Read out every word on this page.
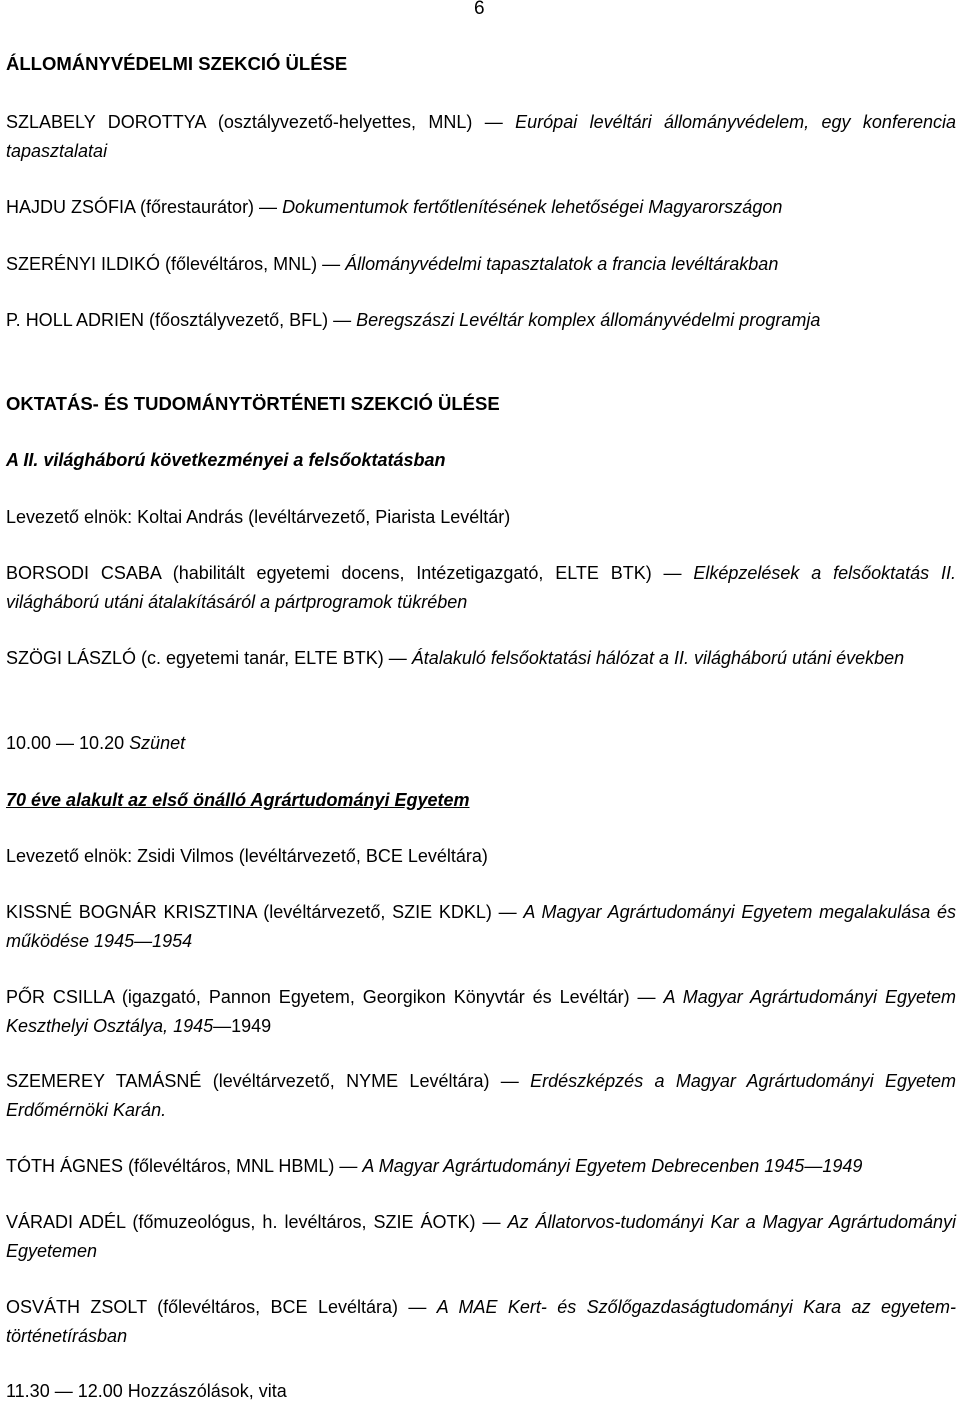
6

ÁLLOMÁNYVÉDELMI SZEKCIÓ ÜLÉSE

SZLABELY DOROTTYA (osztályvezető-helyettes, MNL) — Európai levéltári állományvédelem, egy konferencia tapasztalatai

HAJDU ZSÓFIA (főrestaurátor) — Dokumentumok fertőtlenítésének lehetőségei Magyarországon

SZERÉNYI ILDIKÓ (főlevéltáros, MNL) — Állományvédelmi tapasztalatok a francia levéltárakban

P. HOLL ADRIEN (főosztályvezető, BFL) — Beregszászi Levéltár komplex állományvédelmi programja

OKTATÁS- ÉS TUDOMÁNYTÖRTÉNETI SZEKCIÓ ÜLÉSE

A II. világháború következményei a felsőoktatásban

Levezető elnök: Koltai András (levéltárvezető, Piarista Levéltár)

BORSODI CSABA (habilitált egyetemi docens, Intézetigazgató, ELTE BTK) — Elképzelések a felsőoktatás II. világháború utáni átalakításáról a pártprogramok tükrében

SZÖGI LÁSZLÓ (c. egyetemi tanár, ELTE BTK) — Átalakuló felsőoktatási hálózat a II. világháború utáni években

10.00 — 10.20 Szünet

70 éve alakult az első önálló Agrártudományi Egyetem

Levezető elnök: Zsidi Vilmos (levéltárvezető, BCE Levéltára)

KISSNÉ BOGNÁR KRISZTINA (levéltárvezető, SZIE KDKL) — A Magyar Agrártudományi Egyetem megalakulása és működése 1945—1954

PŐR CSILLA (igazgató, Pannon Egyetem, Georgikon Könyvtár és Levéltár) — A Magyar Agrártudományi Egyetem Keszthelyi Osztálya, 1945—1949

SZEMEREY TAMÁSNÉ (levéltárvezető, NYME Levéltára) — Erdészképzés a Magyar Agrártudományi Egyetem Erdőmérnöki Karán.

TÓTH ÁGNES (főlevéltáros, MNL HBML) — A Magyar Agrártudományi Egyetem Debrecenben 1945—1949

VÁRADI ADÉL (főmuzeológus, h. levéltáros, SZIE ÁOTK) — Az Állatorvos-tudományi Kar a Magyar Agrártudományi Egyetemen

OSVÁTH ZSOLT (főlevéltáros, BCE Levéltára) — A MAE Kert- és Szőlőgazdaságtudományi Kara az egyetem-történetírásban

11.30 — 12.00 Hozzászólások, vita
